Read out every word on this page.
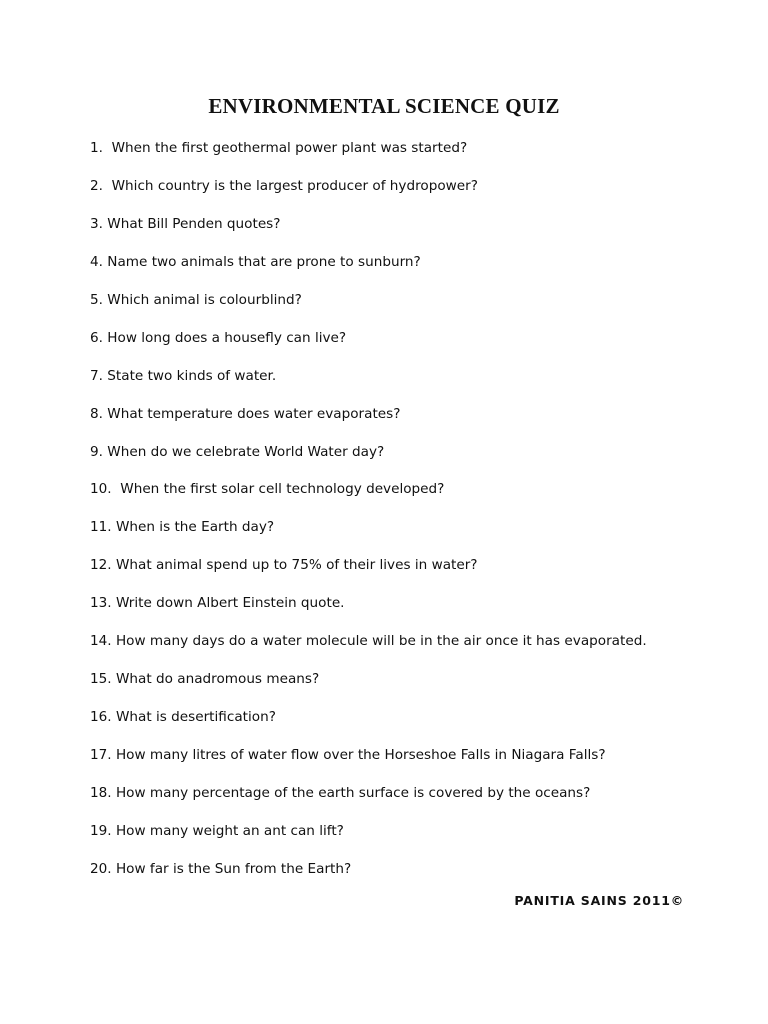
ENVIRONMENTAL SCIENCE QUIZ
1.  When the first geothermal power plant was started?
2.  Which country is the largest producer of hydropower?
3. What Bill Penden quotes?
4. Name two animals that are prone to sunburn?
5. Which animal is colourblind?
6. How long does a housefly can live?
7. State two kinds of water.
8. What temperature does water evaporates?
9. When do we celebrate World Water day?
10.  When the first solar cell technology developed?
11. When is the Earth day?
12. What animal spend up to 75% of their lives in water?
13. Write down Albert Einstein quote.
14. How many days do a water molecule will be in the air once it has evaporated.
15. What do anadromous means?
16. What is desertification?
17. How many litres of water flow over the Horseshoe Falls in Niagara Falls?
18. How many percentage of the earth surface is covered by the oceans?
19. How many weight an ant can lift?
20. How far is the Sun from the Earth?
PANITIA SAINS 2011©
